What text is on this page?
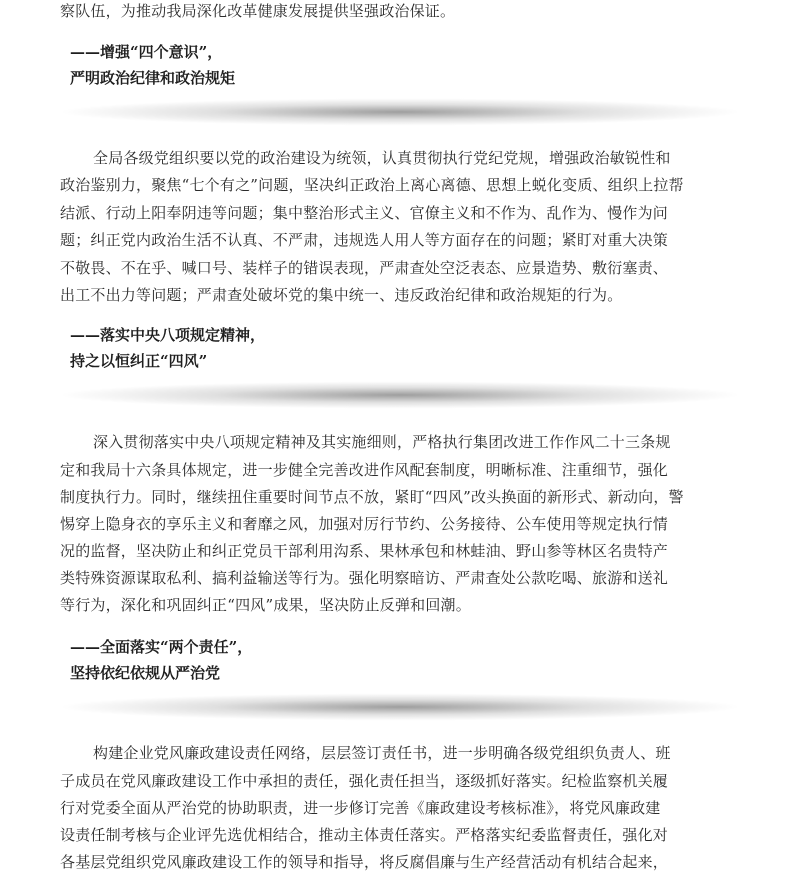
察队伍，为推动我局深化改革健康发展提供坚强政治保证。

——增强“四个意识”，

严明政治纪律和政治规矩

全局各级党组织要以党的政治建设为统领，认真贯彻执行党纪党规，增强政治敏锐性和

政治鉴别力，聚焦“七个有之”问题，坚决纠正政治上离心离德、思想上蜕化变质、组织上拉帮

结派、行动上阳奉阴违等问题；集中整治形式主义、官僚主义和不作为、乱作为、慢作为问

题；纠正党内政治生活不认真、不严肃，违规选人用人等方面存在的问题；紧盯对重大决策

不敬畏、不在乎、喊口号、装样子的错误表现，严肃查处空泛表态、应景造势、敷衍塞责、

出工不出力等问题；严肃查处破坏党的集中统一、违反政治纪律和政治规矩的行为。

——落实中央八项规定精神，

持之以恒纠正“四风”

深入贯彻落实中央八项规定精神及其实施细则，严格执行集团改进工作作风二十三条规

定和我局十六条具体规定，进一步健全完善改进作风配套制度，明晰标准、注重细节，强化

制度执行力。同时，继续扭住重要时间节点不放，紧盯“四风”改头换面的新形式、新动向，警

惕穿上隐身衣的享乐主义和奢靡之风，加强对厉行节约、公务接待、公车使用等规定执行情

况的监督，坚决防止和纠正党员干部利用沟系、果林承包和林蛙油、野山参等林区名贵特产

类特殊资源谋取私利、搞利益输送等行为。强化明察暗访、严肃查处公款吃喝、旅游和送礼

等行为，深化和巩固纠正“四风”成果，坚决防止反弹和回潮。

——全面落实“两个责任”，

坚持依纪依规从严治党

构建企业党风廉政建设责任网络，层层签订责任书，进一步明确各级党组织负责人、班

子成员在党风廉政建设工作中承担的责任，强化责任担当，逐级抓好落实。纪检监察机关履

行对党委全面从严治党的协助职责，进一步修订完善《廉政建设考核标准》，将党风廉政建

设责任制考核与企业评先选优相结合，推动主体责任落实。严格落实纪委监督责任，强化对

各基层党组织党风廉政建设工作的领导和指导，将反腐倡廉与生产经营活动有机结合起来，
